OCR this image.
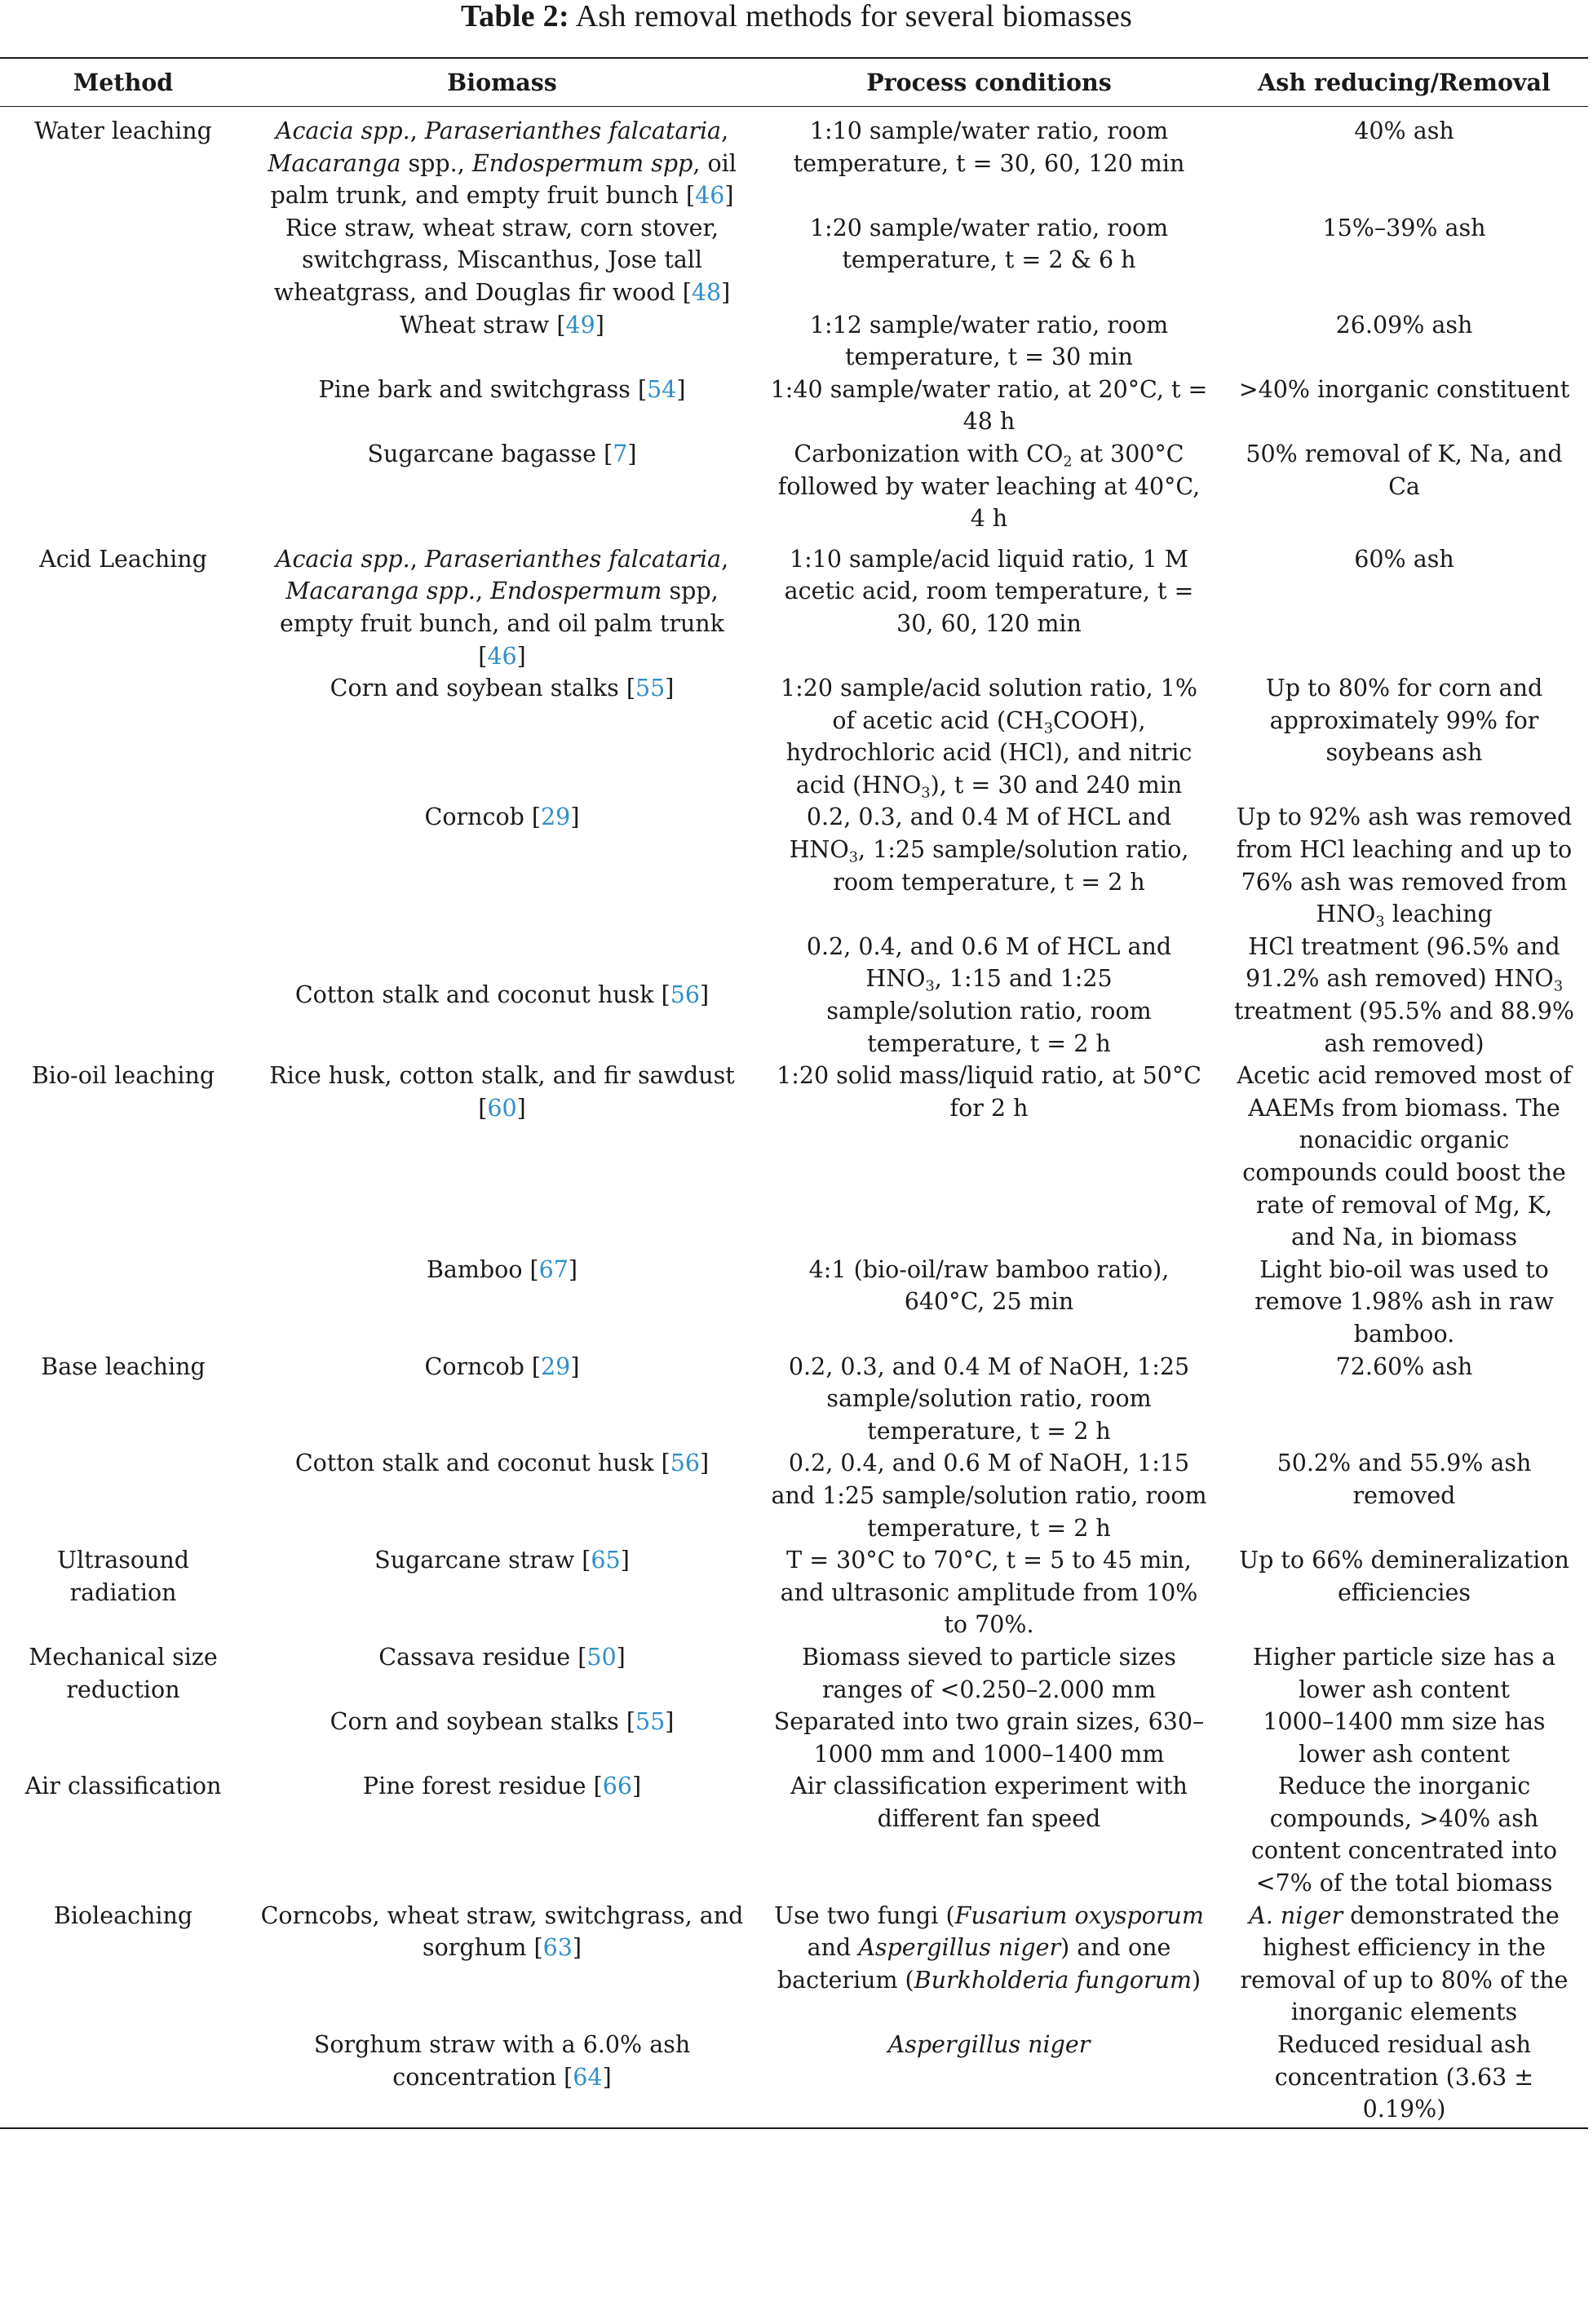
Table 2: Ash removal methods for several biomasses
Method	Biomass	Process conditions	Ash reducing/Removal
Water leaching	Acacia spp., Paraserianthes falcataria, Macaranga spp., Endospermum spp, oil palm trunk, and empty fruit bunch [46]	1:10 sample/water ratio, room temperature, t = 30, 60, 120 min	40% ash
	Rice straw, wheat straw, corn stover, switchgrass, Miscanthus, Jose tall wheatgrass, and Douglas fir wood [48]	1:20 sample/water ratio, room temperature, t = 2 & 6 h	15%–39% ash
	Wheat straw [49]	1:12 sample/water ratio, room temperature, t = 30 min	26.09% ash
	Pine bark and switchgrass [54]	1:40 sample/water ratio, at 20°C, t = 48 h	>40% inorganic constituent
	Sugarcane bagasse [7]	Carbonization with $CO_2$ at 300°C followed by water leaching at 40°C, 4 h	50% removal of K, Na, and Ca
Acid Leaching	Acacia spp., Paraserianthes falcataria, Macaranga spp., Endospermum spp, empty fruit bunch, and oil palm trunk [46]	1:10 sample/acid liquid ratio, 1 M acetic acid, room temperature, t = 30, 60, 120 min	60% ash
	Corn and soybean stalks [55]	1:20 sample/acid solution ratio, 1% of acetic acid $(CH_3COOH)$, hydrochloric acid (HCl), and nitric acid $(HNO_3)$, t = 30 and 240 min	Up to 80% for corn and approximately 99% for soybeans ash
	Corncob [29]	0.2, 0.3, and 0.4 M of HCL and $HNO_3$, 1:25 sample/solution ratio, room temperature, t = 2 h	Up to 92% ash was removed from HCl leaching and up to 76% ash was removed from $HNO_3$ leaching
	Cotton stalk and coconut husk [56]	0.2, 0.4, and 0.6 M of HCL and $HNO_3$, 1:15 and 1:25 sample/solution ratio, room temperature, t = 2 h	HCl treatment (96.5% and 91.2% ash removed) $HNO_3$ treatment (95.5% and 88.9% ash removed)
Bio-oil leaching	Rice husk, cotton stalk, and fir sawdust [60]	1:20 solid mass/liquid ratio, at 50°C for 2 h	Acetic acid removed most of AAEMs from biomass. The nonacidic organic compounds could boost the rate of removal of Mg, K, and Na, in biomass
	Bamboo [67]	4:1 (bio-oil/raw bamboo ratio), 640°C, 25 min	Light bio-oil was used to remove 1.98% ash in raw bamboo.
Base leaching	Corncob [29]	0.2, 0.3, and 0.4 M of NaOH, 1:25 sample/solution ratio, room temperature, t = 2 h	72.60% ash
	Cotton stalk and coconut husk [56]	0.2, 0.4, and 0.6 M of NaOH, 1:15 and 1:25 sample/solution ratio, room temperature, t = 2 h	50.2% and 55.9% ash removed
Ultrasound radiation	Sugarcane straw [65]	T = 30°C to 70°C, t = 5 to 45 min, and ultrasonic amplitude from 10% to 70%.	Up to 66% demineralization efficiencies
Mechanical size reduction	Cassava residue [50]	Biomass sieved to particle sizes ranges of <0.250–2.000 mm	Higher particle size has a lower ash content
	Corn and soybean stalks [55]	Separated into two grain sizes, 630–1000 mm and 1000–1400 mm	1000–1400 mm size has lower ash content
Air classification	Pine forest residue [66]	Air classification experiment with different fan speed	Reduce the inorganic compounds, >40% ash content concentrated into <7% of the total biomass
Bioleaching	Corncobs, wheat straw, switchgrass, and sorghum [63]	Use two fungi (Fusarium oxysporum and Aspergillus niger) and one bacterium (Burkholderia fungorum)	A. niger demonstrated the highest efficiency in the removal of up to 80% of the inorganic elements
	Sorghum straw with a 6.0% ash concentration [64]	Aspergillus niger	Reduced residual ash concentration (3.63 ± 0.19%)
